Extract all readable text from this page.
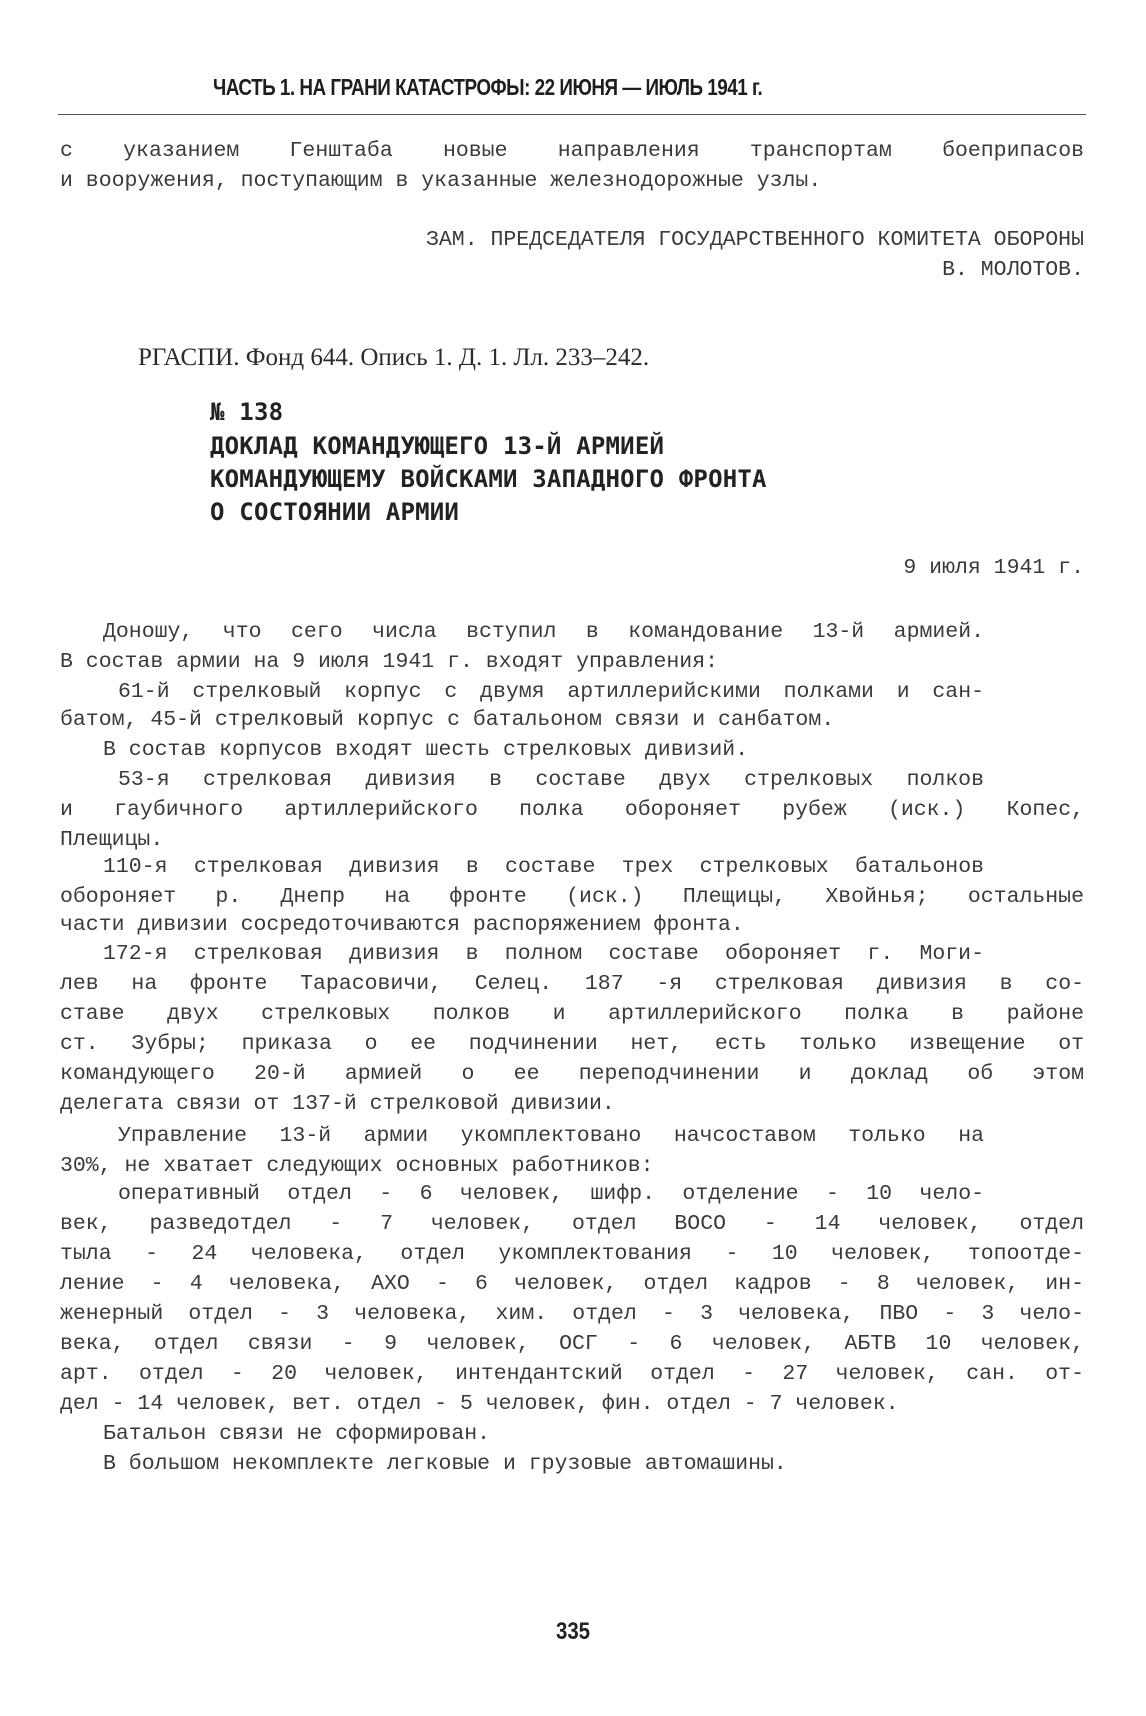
ЧАСТЬ 1. НА ГРАНИ КАТАСТРОФЫ: 22 ИЮНЯ — ИЮЛЬ 1941 г.
с указанием Генштаба новые направления транспортам боеприпасов
и вооружения, поступающим в указанные железнодорожные узлы.
ЗАМ. ПРЕДСЕДАТЕЛЯ ГОСУДАРСТВЕННОГО КОМИТЕТА ОБОРОНЫ
В. МОЛОТОВ.
РГАСПИ. Фонд 644. Опись 1. Д. 1. Лл. 233–242.
№ 138
ДОКЛАД КОМАНДУЮЩЕГО 13-Й АРМИЕЙ
КОМАНДУЮЩЕМУ ВОЙСКАМИ ЗАПАДНОГО ФРОНТА
О СОСТОЯНИИ АРМИИ
9 июля 1941 г.
Доношу, что сего числа вступил в командование 13-й армией.
В состав армии на 9 июля 1941 г. входят управления:
61-й стрелковый корпус с двумя артиллерийскими полками и сан-
батом, 45-й стрелковый корпус с батальоном связи и санбатом.
В состав корпусов входят шесть стрелковых дивизий.
53-я стрелковая дивизия в составе двух стрелковых полков
и гаубичного артиллерийского полка обороняет рубеж (иск.) Копес,
Плещицы.
110-я стрелковая дивизия в составе трех стрелковых батальонов
обороняет р. Днепр на фронте (иск.) Плещицы, Хвойнья; остальные
части дивизии сосредоточиваются распоряжением фронта.
172-я стрелковая дивизия в полном составе обороняет г. Моги-
лев на фронте Тарасовичи, Селец. 187 -я стрелковая дивизия в со-
ставе двух стрелковых полков и артиллерийского полка в районе
ст. Зубры; приказа о ее подчинении нет, есть только извещение от
командующего 20-й армией о ее переподчинении и доклад об этом
делегата связи от 137-й стрелковой дивизии.
Управление 13-й армии укомплектовано начсоставом только на
30%, не хватает следующих основных работников:
оперативный отдел - 6 человек, шифр. отделение - 10 чело-
век, разведотдел - 7 человек, отдел ВОСО - 14 человек, отдел
тыла - 24 человека, отдел укомплектования - 10 человек, топоотде-
ление - 4 человека, АХО - 6 человек, отдел кадров - 8 человек, ин-
женерный отдел - 3 человека, хим. отдел - 3 человека, ПВО - 3 чело-
века, отдел связи - 9 человек, ОСГ - 6 человек, АБТВ 10 человек,
арт. отдел - 20 человек, интендантский отдел - 27 человек, сан. от-
дел - 14 человек, вет. отдел - 5 человек, фин. отдел - 7 человек.
Батальон связи не сформирован.
В большом некомплекте легковые и грузовые автомашины.
335
